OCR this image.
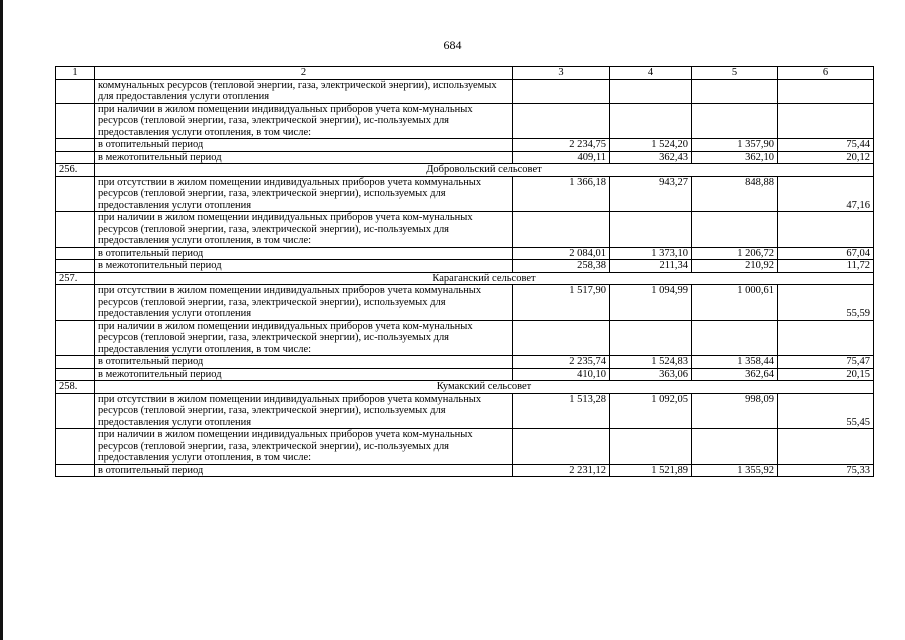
684
1	2	3	4	5	6
	коммунальных ресурсов (тепловой энергии, газа, электрической энергии), используемых для предоставления услуги отопления				
	при наличии в жилом помещении индивидуальных приборов учета ком-мунальных ресурсов (тепловой энергии, газа, электрической энергии), ис-пользуемых для предоставления услуги отопления, в том числе:				
	в отопительный период	2 234,75	1 524,20	1 357,90	75,44
	в межотопительный период	409,11	362,43	362,10	20,12
256.	Добровольский сельсовет				
	при отсутствии в жилом помещении индивидуальных приборов учета коммунальных ресурсов (тепловой энергии, газа, электрической энергии), используемых для предоставления услуги отопления	1 366,18	943,27	848,88	47,16
	при наличии в жилом помещении индивидуальных приборов учета ком-мунальных ресурсов (тепловой энергии, газа, электрической энергии), ис-пользуемых для предоставления услуги отопления, в том числе:				
	в отопительный период	2 084,01	1 373,10	1 206,72	67,04
	в межотопительный период	258,38	211,34	210,92	11,72
257.	Караганский сельсовет				
	при отсутствии в жилом помещении индивидуальных приборов учета коммунальных ресурсов (тепловой энергии, газа, электрической энергии), используемых для предоставления услуги отопления	1 517,90	1 094,99	1 000,61	55,59
	при наличии в жилом помещении индивидуальных приборов учета ком-мунальных ресурсов (тепловой энергии, газа, электрической энергии), ис-пользуемых для предоставления услуги отопления, в том числе:				
	в отопительный период	2 235,74	1 524,83	1 358,44	75,47
	в межотопительный период	410,10	363,06	362,64	20,15
258.	Кумакский сельсовет				
	при отсутствии в жилом помещении индивидуальных приборов учета коммунальных ресурсов (тепловой энергии, газа, электрической энергии), используемых для предоставления услуги отопления	1 513,28	1 092,05	998,09	55,45
	при наличии в жилом помещении индивидуальных приборов учета ком-мунальных ресурсов (тепловой энергии, газа, электрической энергии), ис-пользуемых для предоставления услуги отопления, в том числе:				
	в отопительный период	2 231,12	1 521,89	1 355,92	75,33
